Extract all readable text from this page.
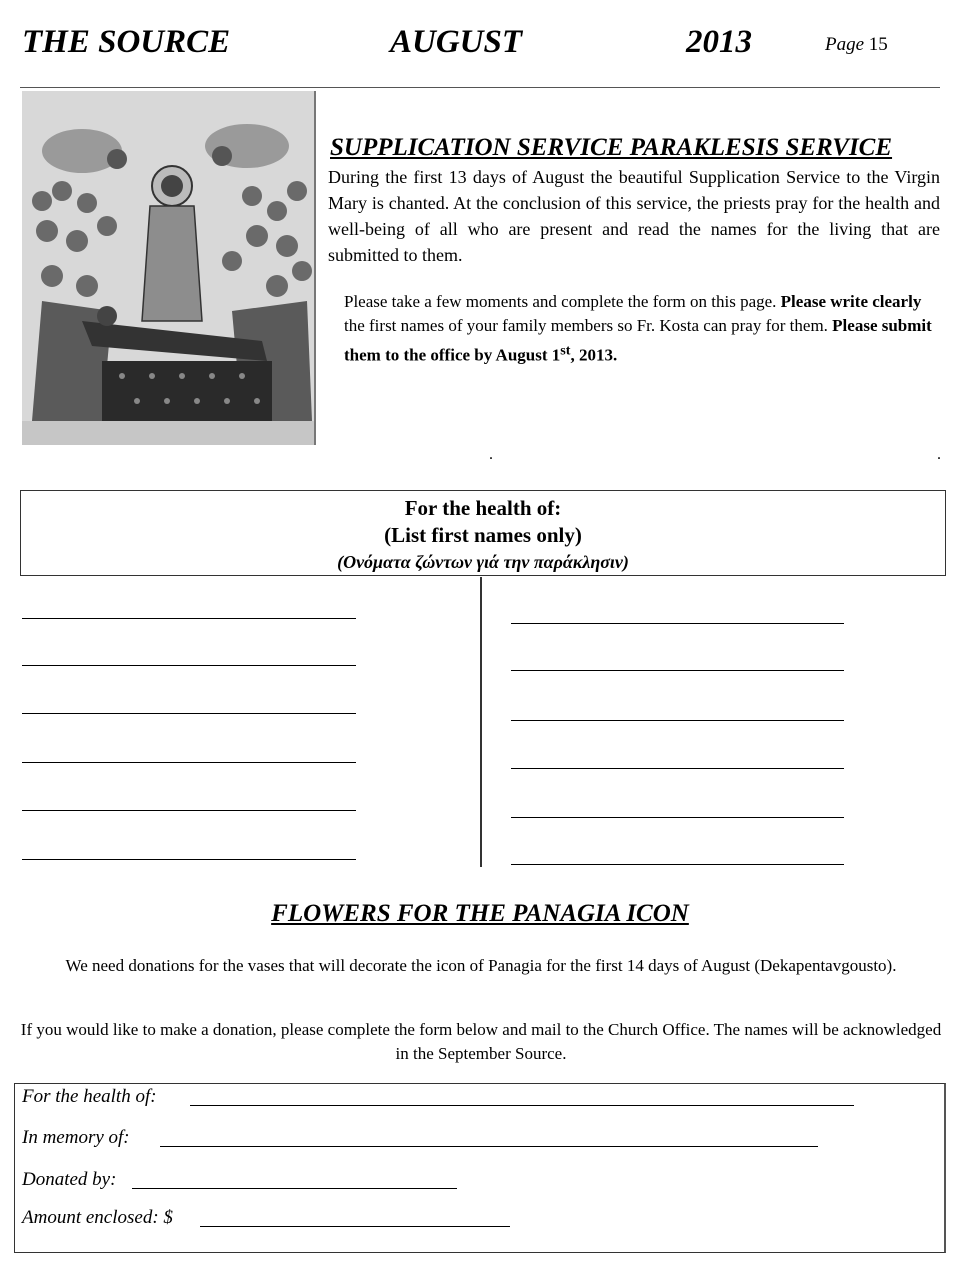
THE SOURCE	AUGUST	2013	Page 15
SUPPLICATION SERVICE PARAKLESIS SERVICE
During the first 13 days of August the beautiful Supplication Service to the Virgin Mary is chanted. At the conclusion of this service, the priests pray for the health and well-being of all who are present and read the names for the living that are submitted to them.
Please take a few moments and complete the form on this page. Please write clearly the first names of your family members so Fr. Kosta can pray for them. Please submit them to the office by August 1st, 2013.
.	.
For the health of:
(List first names only)
(Ονόματα ζώντων γιά την παράκλησιν)
FLOWERS FOR THE PANAGIA ICON
We need donations for the vases that will decorate the icon of Panagia for the first 14 days of August (Dekapentavgousto).
If you would like to make a donation, please complete the form below and mail to the Church Office. The names will be acknowledged in the September Source.
For the health of:
In memory of:
Donated by:
Amount enclosed: $
